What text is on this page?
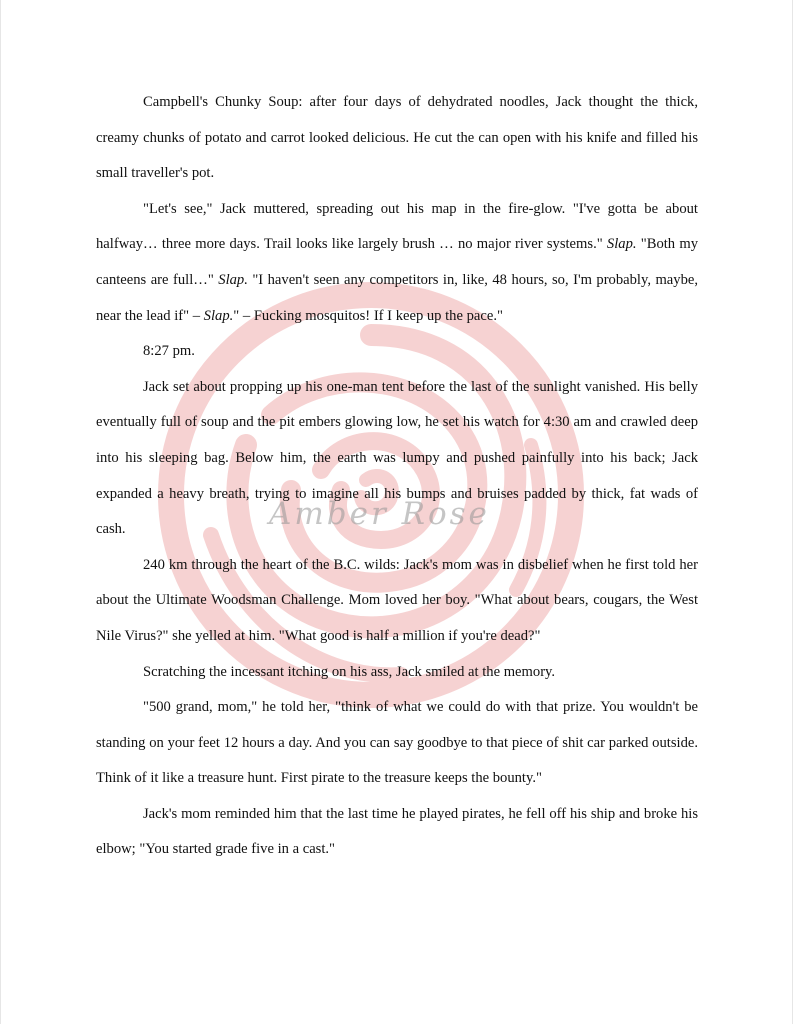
Amber Rose

Campbell's Chunky Soup: after four days of dehydrated noodles, Jack thought the thick, creamy chunks of potato and carrot looked delicious. He cut the can open with his knife and filled his small traveller's pot.

"Let's see," Jack muttered, spreading out his map in the fire-glow. "I've gotta be about halfway… three more days. Trail looks like largely brush … no major river systems." Slap. "Both my canteens are full…" Slap. "I haven't seen any competitors in, like, 48 hours, so, I'm probably, maybe, near the lead if" – Slap." – Fucking mosquitos! If I keep up the pace."

8:27 pm.

Jack set about propping up his one-man tent before the last of the sunlight vanished. His belly eventually full of soup and the pit embers glowing low, he set his watch for 4:30 am and crawled deep into his sleeping bag. Below him, the earth was lumpy and pushed painfully into his back; Jack expanded a heavy breath, trying to imagine all his bumps and bruises padded by thick, fat wads of cash.

240 km through the heart of the B.C. wilds: Jack's mom was in disbelief when he first told her about the Ultimate Woodsman Challenge. Mom loved her boy. "What about bears, cougars, the West Nile Virus?" she yelled at him. "What good is half a million if you're dead?"

Scratching the incessant itching on his ass, Jack smiled at the memory.

"500 grand, mom," he told her, "think of what we could do with that prize. You wouldn't be standing on your feet 12 hours a day. And you can say goodbye to that piece of shit car parked outside. Think of it like a treasure hunt. First pirate to the treasure keeps the bounty."

Jack's mom reminded him that the last time he played pirates, he fell off his ship and broke his elbow; "You started grade five in a cast."
